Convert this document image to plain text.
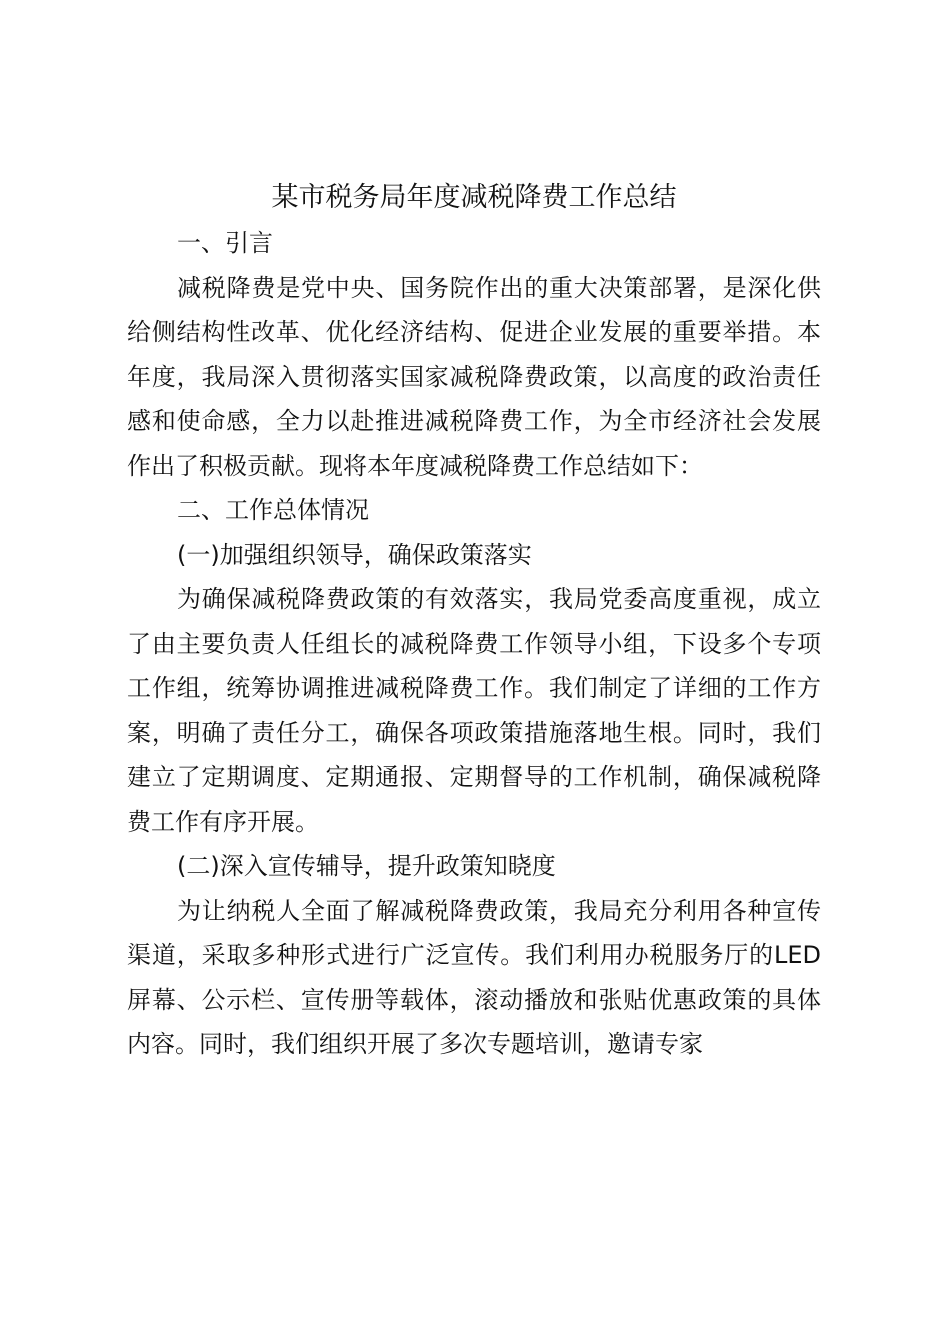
某市税务局年度减税降费工作总结

一、引言

减税降费是党中央、国务院作出的重大决策部署，是深化供给侧结构性改革、优化经济结构、促进企业发展的重要举措。本年度，我局深入贯彻落实国家减税降费政策，以高度的政治责任感和使命感，全力以赴推进减税降费工作，为全市经济社会发展作出了积极贡献。现将本年度减税降费工作总结如下：

二、工作总体情况

(一)加强组织领导，确保政策落实

为确保减税降费政策的有效落实，我局党委高度重视，成立了由主要负责人任组长的减税降费工作领导小组，下设多个专项工作组，统筹协调推进减税降费工作。我们制定了详细的工作方案，明确了责任分工，确保各项政策措施落地生根。同时，我们建立了定期调度、定期通报、定期督导的工作机制，确保减税降费工作有序开展。

(二)深入宣传辅导，提升政策知晓度

为让纳税人全面了解减税降费政策，我局充分利用各种宣传渠道，采取多种形式进行广泛宣传。我们利用办税服务厅的LED 屏幕、公示栏、宣传册等载体，滚动播放和张贴优惠政策的具体内容。同时，我们组织开展了多次专题培训，邀请专家
